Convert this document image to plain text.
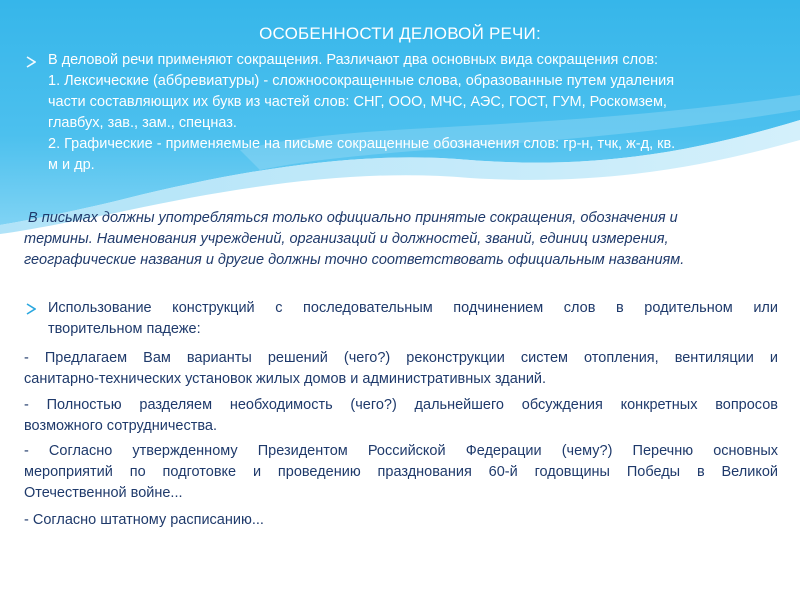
ОСОБЕННОСТИ ДЕЛОВОЙ РЕЧИ:
В деловой речи применяют сокращения. Различают два основных вида сокращения слов:
1. Лексические (аббревиатуры) - сложносокращенные слова, образованные путем удаления
части составляющих их букв из частей слов: СНГ, ООО, МЧС, АЭС, ГОСТ, ГУМ, Роскомзем,
главбух, зав., зам., спецназ.
2. Графические - применяемые на письме сокращенные обозначения слов: гр-н, тчк, ж-д, кв.
м и др.
В письмах должны употребляться только официально принятые сокращения, обозначения и
термины. Наименования учреждений, организаций и должностей, званий, единиц измерения,
географические названия и другие должны точно соответствовать официальным названиям.
Использование конструкций с последовательным подчинением слов в родительном или
творительном падеже:
- Предлагаем Вам варианты решений (чего?) реконструкции систем отопления, вентиляции и
санитарно-технических установок жилых домов и административных зданий.
- Полностью разделяем необходимость (чего?) дальнейшего обсуждения конкретных вопросов
возможного сотрудничества.
- Согласно утвержденному Президентом Российской Федерации (чему?) Перечню основных
мероприятий по подготовке и проведению празднования 60-й годовщины Победы в Великой
Отечественной войне...
- Согласно штатному расписанию...
